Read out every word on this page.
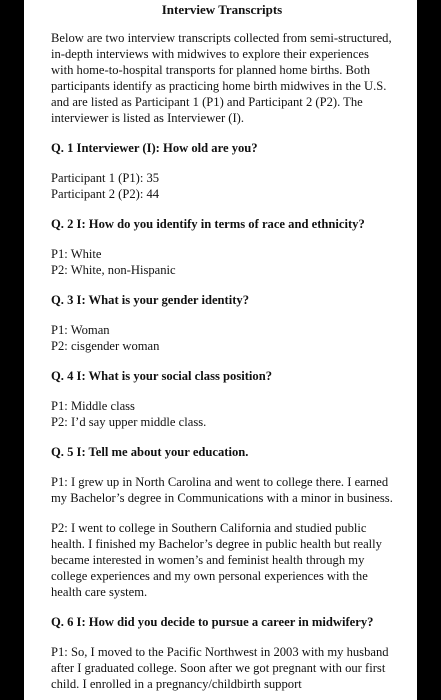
Interview Transcripts
Below are two interview transcripts collected from semi-structured, in-depth interviews with midwives to explore their experiences with home-to-hospital transports for planned home births. Both participants identify as practicing home birth midwives in the U.S. and are listed as Participant 1 (P1) and Participant 2 (P2). The interviewer is listed as Interviewer (I).
Q. 1 Interviewer (I): How old are you?
Participant 1 (P1): 35
Participant 2 (P2): 44
Q. 2 I: How do you identify in terms of race and ethnicity?
P1: White
P2: White, non-Hispanic
Q. 3 I: What is your gender identity?
P1: Woman
P2: cisgender woman
Q. 4 I: What is your social class position?
P1: Middle class
P2: I’d say upper middle class.
Q. 5 I: Tell me about your education.
P1: I grew up in North Carolina and went to college there. I earned my Bachelor’s degree in Communications with a minor in business.
P2: I went to college in Southern California and studied public health. I finished my Bachelor’s degree in public health but really became interested in women’s and feminist health through my college experiences and my own personal experiences with the health care system.
Q. 6 I: How did you decide to pursue a career in midwifery?
P1: So, I moved to the Pacific Northwest in 2003 with my husband after I graduated college. Soon after we got pregnant with our first child. I enrolled in a pregnancy/childbirth support
